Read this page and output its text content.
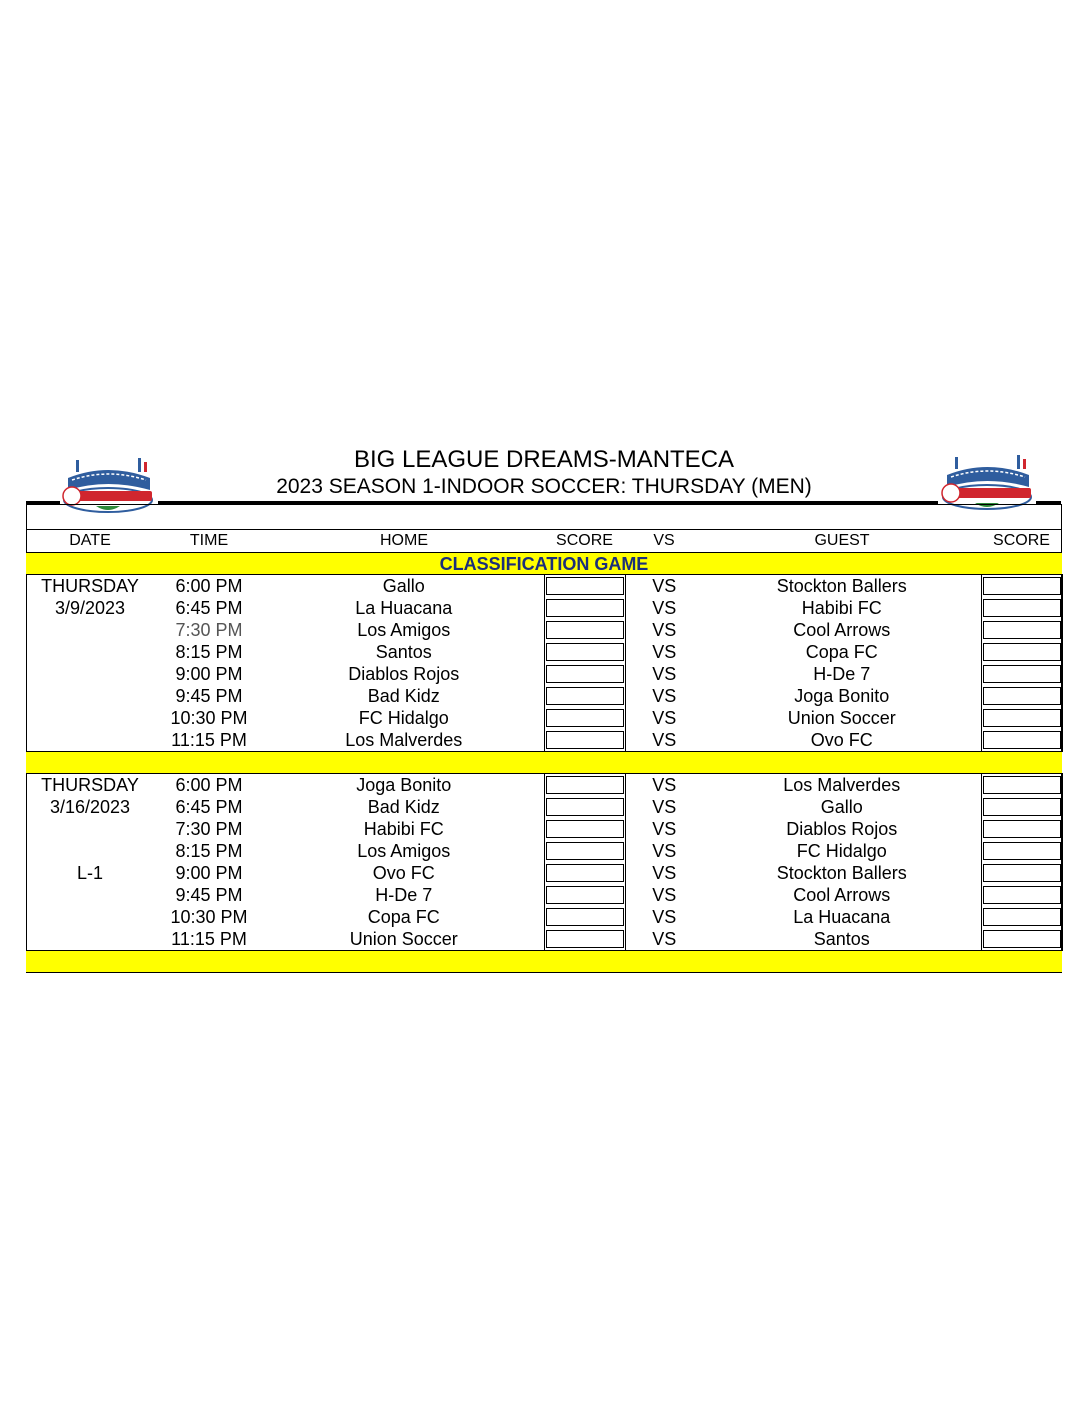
BIG LEAGUE DREAMS-MANTECA
2023 SEASON 1-INDOOR SOCCER: THURSDAY (MEN)
DATE	TIME	HOME	SCORE	VS	GUEST	SCORE
CLASSIFICATION GAME						
THURSDAY	6:00 PM	Gallo		VS	Stockton Ballers	

3/9/2023	6:45 PM	La Huacana		VS	Habibi FC	

	7:30 PM	Los Amigos		VS	Cool Arrows	

	8:15 PM	Santos		VS	Copa FC	

	9:00 PM	Diablos Rojos		VS	H-De 7	

	9:45 PM	Bad Kidz		VS	Joga Bonito	

	10:30 PM	FC Hidalgo		VS	Union Soccer	

	11:15 PM	Los Malverdes		VS	Ovo FC	

THURSDAY	6:00 PM	Joga Bonito		VS	Los Malverdes	

3/16/2023	6:45 PM	Bad Kidz		VS	Gallo	

	7:30 PM	Habibi FC		VS	Diablos Rojos	

	8:15 PM	Los Amigos		VS	FC Hidalgo	

L-1	9:00 PM	Ovo FC		VS	Stockton Ballers	

	9:45 PM	H-De 7		VS	Cool Arrows	

	10:30 PM	Copa FC		VS	La Huacana	

	11:15 PM	Union Soccer		VS	Santos	
